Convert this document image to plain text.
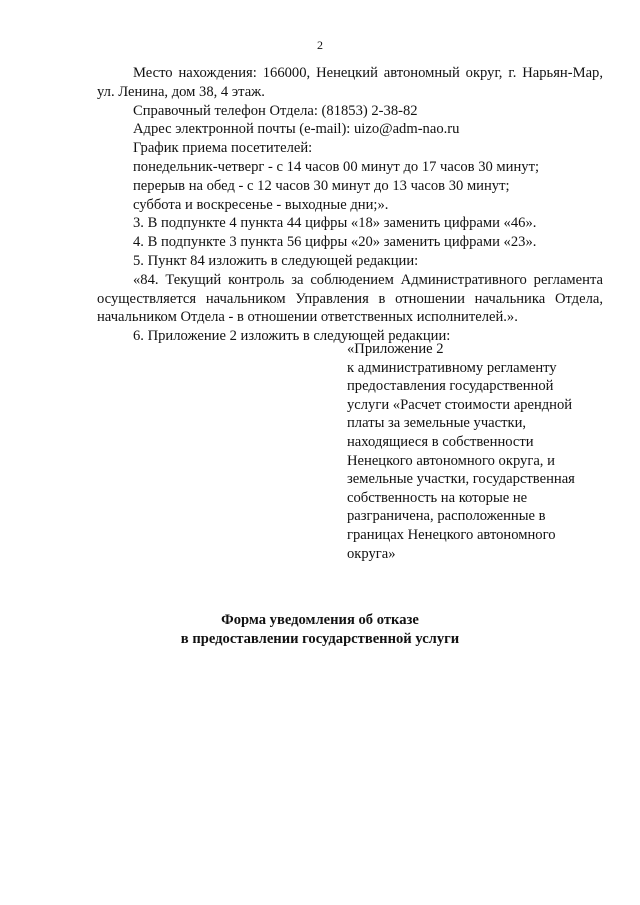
2

Место нахождения: 166000, Ненецкий автономный округ, г. Нарьян-Мар, ул. Ленина, дом 38, 4 этаж.

Справочный телефон Отдела: (81853) 2-38-82

Адрес электронной почты (e-mail): uizo@adm-nao.ru

График приема посетителей:

понедельник-четверг - с 14 часов 00 минут до 17 часов 30 минут;

перерыв на обед - с 12 часов 30 минут до 13 часов 30 минут;

суббота и воскресенье - выходные дни;».

3. В подпункте 4 пункта 44 цифры «18» заменить цифрами «46».

4. В подпункте 3 пункта 56 цифры «20» заменить цифрами «23».

5. Пункт 84 изложить в следующей редакции:

«84. Текущий контроль за соблюдением Административного регламента осуществляется начальником Управления в отношении начальника Отдела, начальником Отдела - в отношении ответственных исполнителей.».

6. Приложение 2 изложить в следующей редакции:

«Приложение 2

к административному регламенту

предоставления государственной

услуги «Расчет стоимости арендной

платы за земельные участки,

находящиеся в собственности

Ненецкого автономного округа, и

земельные участки, государственная

собственность на которые не

разграничена, расположенные в

границах Ненецкого автономного

округа»

Форма уведомления об отказе

в предоставлении государственной услуги
